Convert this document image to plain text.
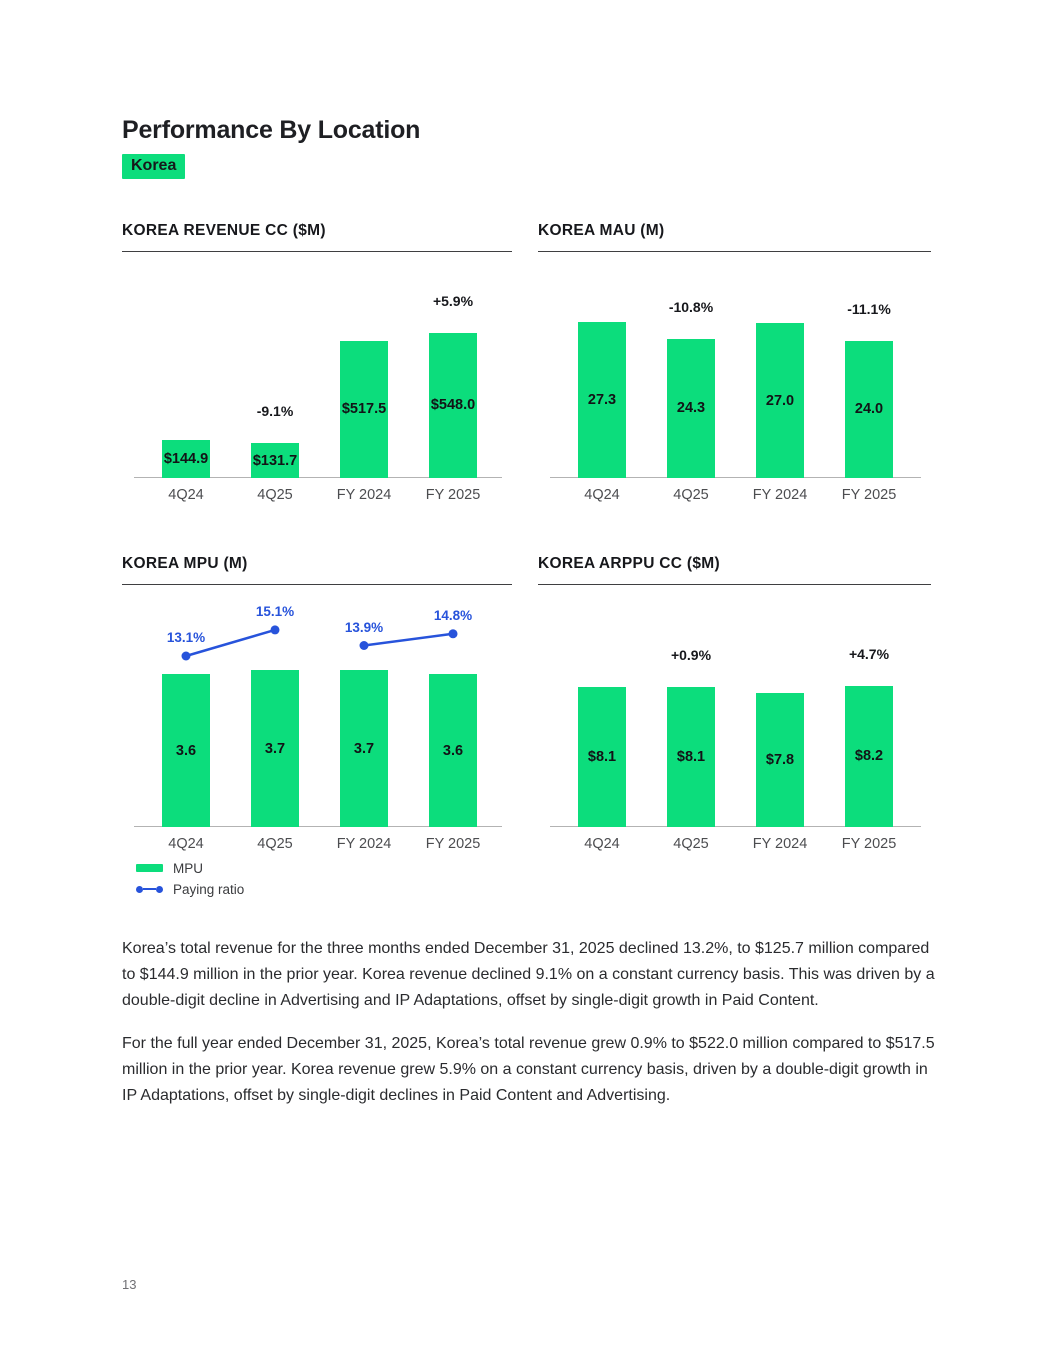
Performance By Location
Korea
KOREA REVENUE CC ($M)
$144.9
4Q24
$131.7
-9.1%
4Q25
$517.5
FY 2024
$548.0
+5.9%
FY 2025
KOREA MAU (M)
27.3
4Q24
24.3
-10.8%
4Q25
27.0
FY 2024
24.0
-11.1%
FY 2025
KOREA MPU (M)
3.6
4Q24
3.7
4Q25
3.7
FY 2024
3.6
FY 2025
13.1%
15.1%
13.9%
14.8%
MPU
Paying ratio
KOREA ARPPU CC ($M)
$8.1
4Q24
$8.1
+0.9%
4Q25
$7.8
FY 2024
$8.2
+4.7%
FY 2025

Korea’s total revenue for the three months ended December 31, 2025 declined 13.2%, to $125.7 million compared to $144.9 million in the prior year. Korea revenue declined 9.1% on a constant currency basis. This was driven by a double-digit decline in Advertising and IP Adaptations, offset by single-digit growth in Paid Content.

For the full year ended December 31, 2025, Korea’s total revenue grew 0.9% to $522.0 million compared to $517.5 million in the prior year. Korea revenue grew 5.9% on a constant currency basis, driven by a double-digit growth in IP Adaptations, offset by single-digit declines in Paid Content and Advertising.

13
